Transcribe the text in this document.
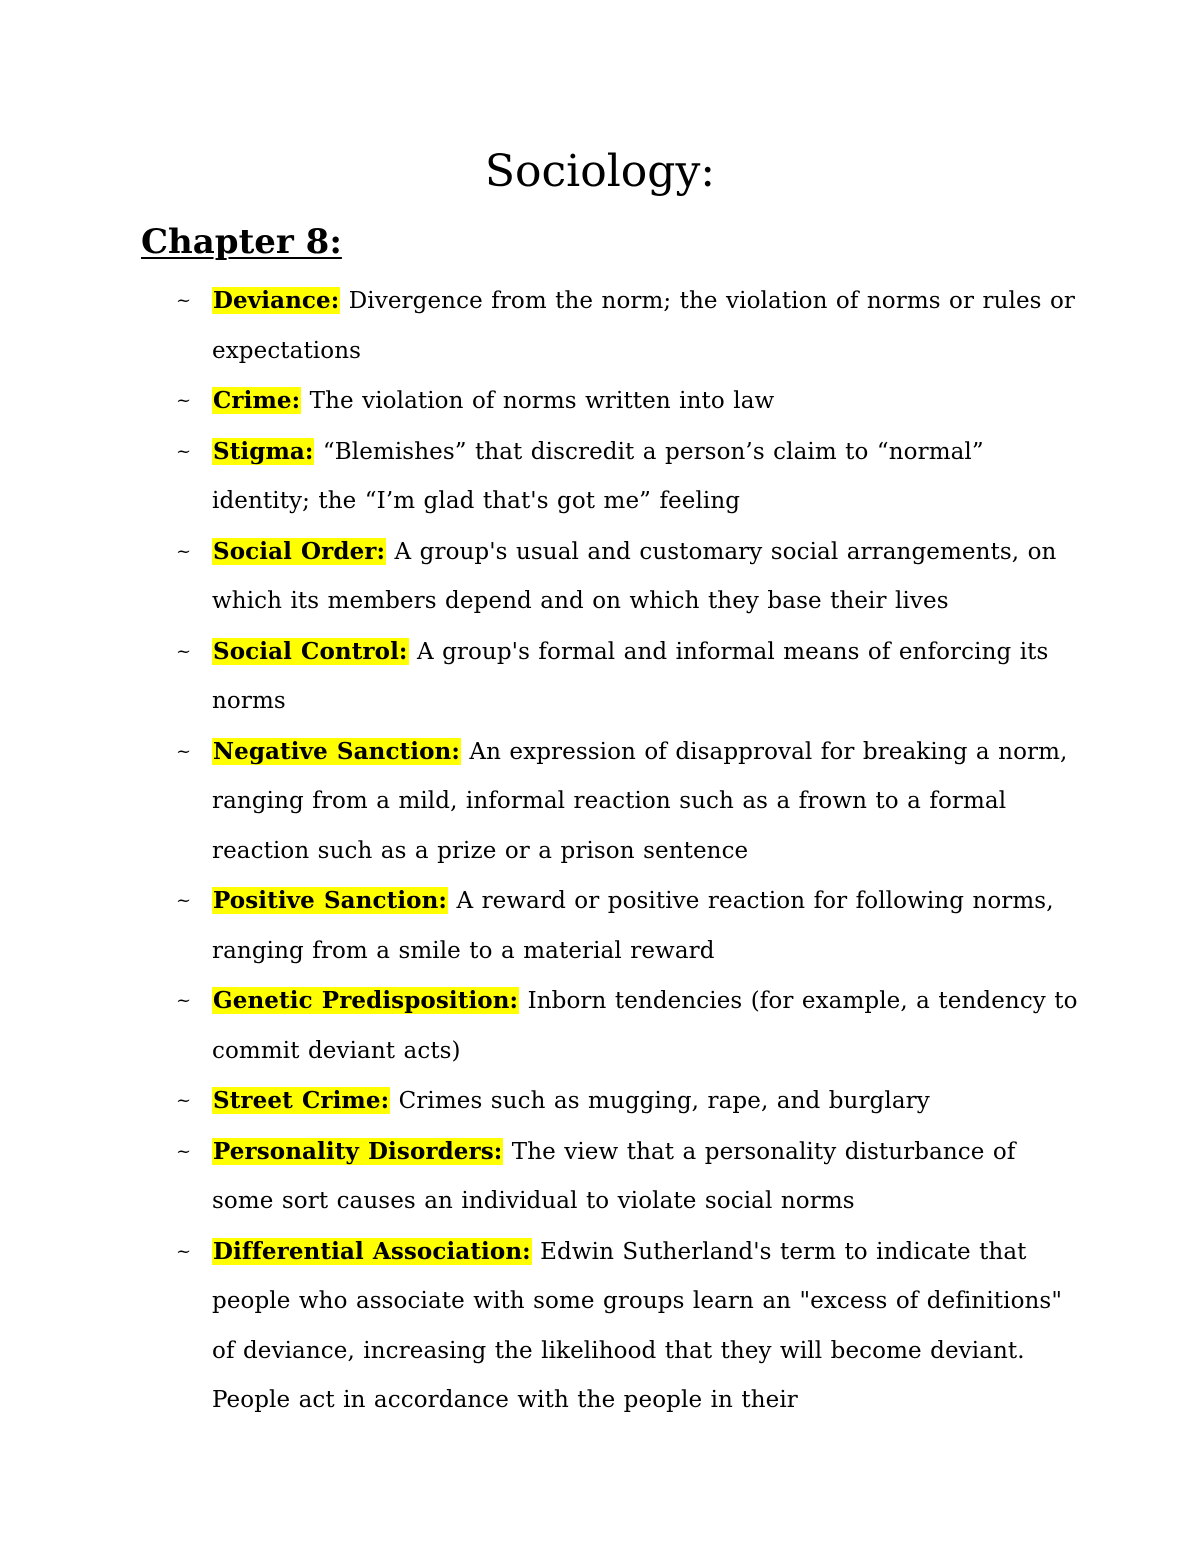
Sociology:
Chapter 8:
~ Deviance: Divergence from the norm; the violation of norms or rules or expectations
~ Crime: The violation of norms written into law
~ Stigma: “Blemishes” that discredit a person’s claim to “normal” identity; the “I’m glad that's got me” feeling
~ Social Order: A group's usual and customary social arrangements, on which its members depend and on which they base their lives
~ Social Control: A group's formal and informal means of enforcing its norms
~ Negative Sanction: An expression of disapproval for breaking a norm, ranging from a mild, informal reaction such as a frown to a formal reaction such as a prize or a prison sentence
~ Positive Sanction: A reward or positive reaction for following norms, ranging from a smile to a material reward
~ Genetic Predisposition: Inborn tendencies (for example, a tendency to commit deviant acts)
~ Street Crime: Crimes such as mugging, rape, and burglary
~ Personality Disorders: The view that a personality disturbance of some sort causes an individual to violate social norms
~ Differential Association: Edwin Sutherland's term to indicate that people who associate with some groups learn an "excess of definitions" of deviance, increasing the likelihood that they will become deviant. People act in accordance with the people in their
